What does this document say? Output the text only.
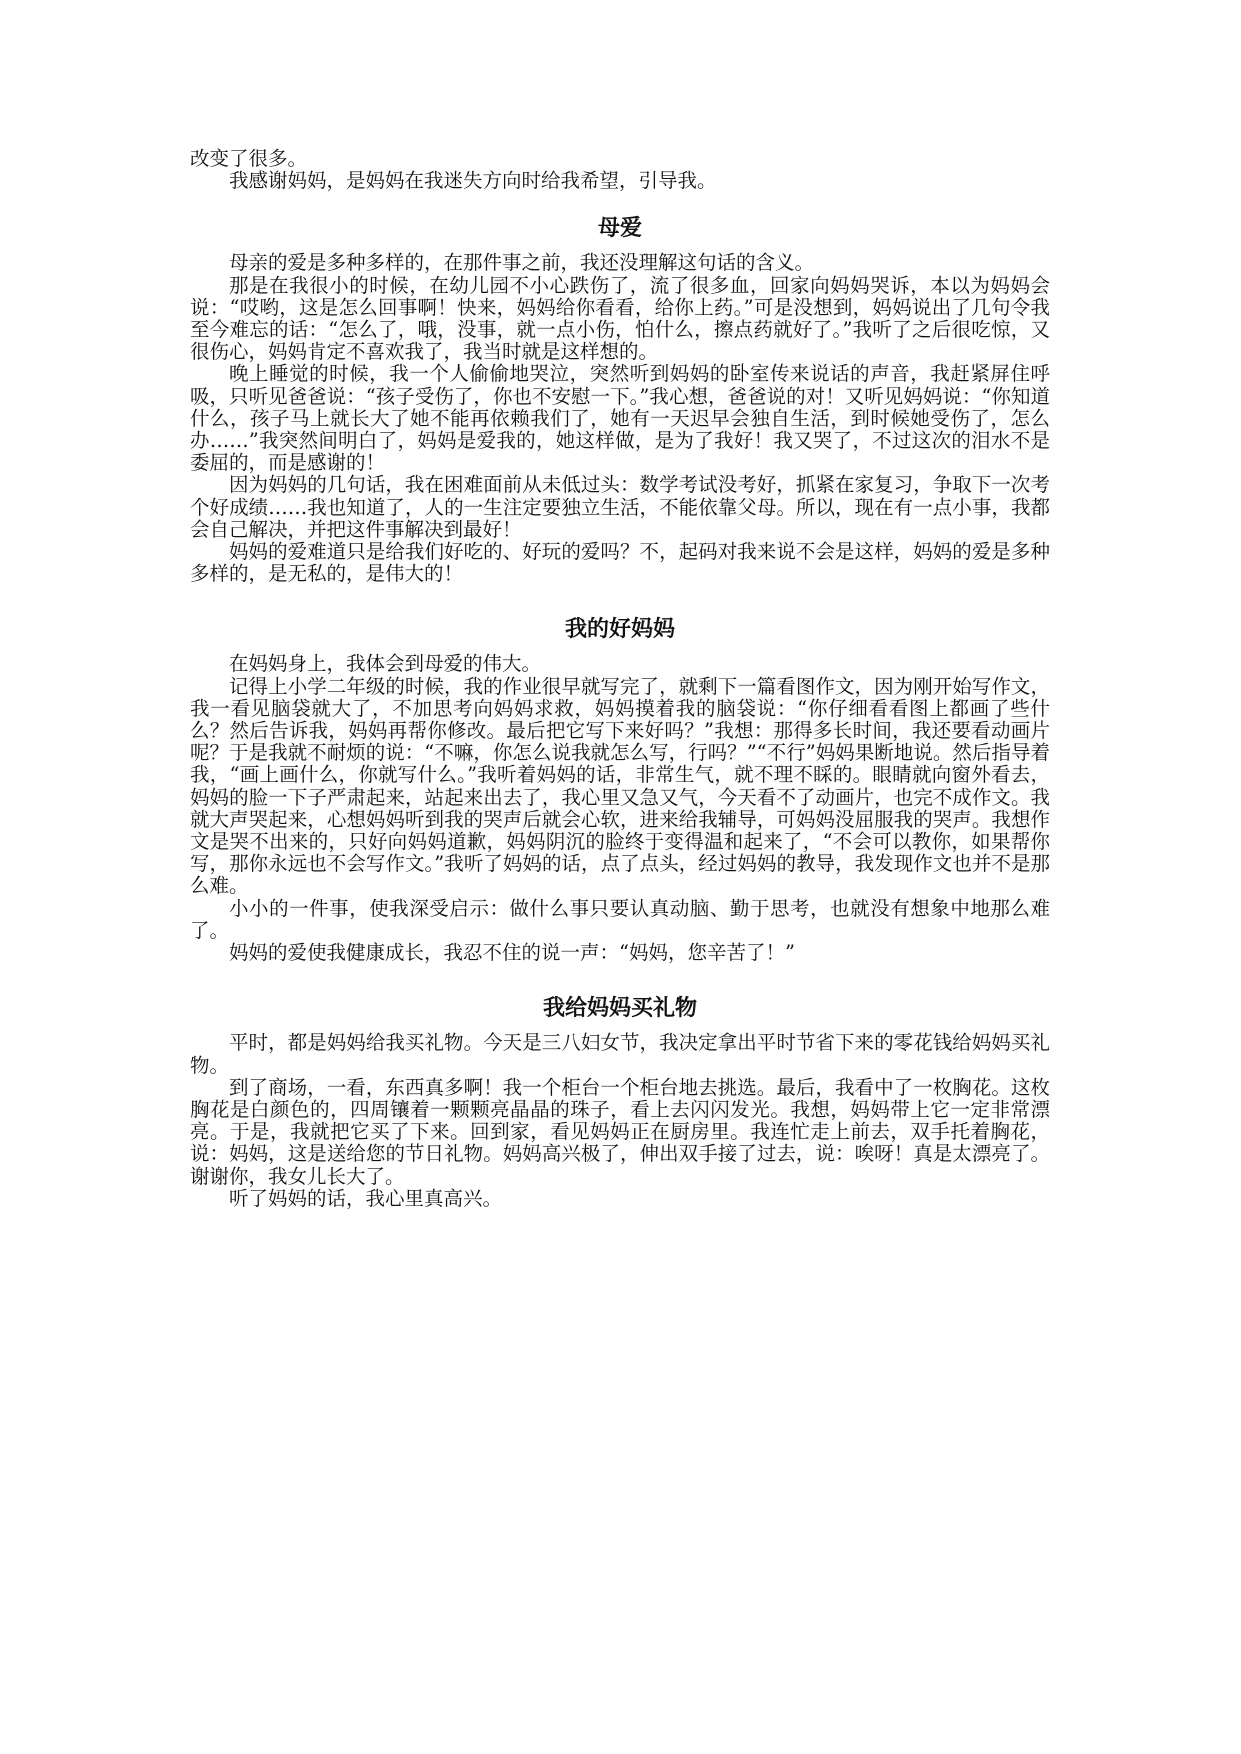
改变了很多。

我感谢妈妈，是妈妈在我迷失方向时给我希望，引导我。

母爱

母亲的爱是多种多样的，在那件事之前，我还没理解这句话的含义。

那是在我很小的时候，在幼儿园不小心跌伤了，流了很多血，回家向妈妈哭诉，本以为妈妈会说：“哎哟，这是怎么回事啊！快来，妈妈给你看看，给你上药。”可是没想到，妈妈说出了几句令我至今难忘的话：“怎么了，哦，没事，就一点小伤，怕什么，擦点药就好了。”我听了之后很吃惊，又很伤心，妈妈肯定不喜欢我了，我当时就是这样想的。

晚上睡觉的时候，我一个人偷偷地哭泣，突然听到妈妈的卧室传来说话的声音，我赶紧屏住呼吸，只听见爸爸说：“孩子受伤了，你也不安慰一下。”我心想，爸爸说的对！又听见妈妈说：“你知道什么，孩子马上就长大了她不能再依赖我们了，她有一天迟早会独自生活，到时候她受伤了，怎么办……”我突然间明白了，妈妈是爱我的，她这样做，是为了我好！我又哭了，不过这次的泪水不是委屈的，而是感谢的！

因为妈妈的几句话，我在困难面前从未低过头：数学考试没考好，抓紧在家复习，争取下一次考个好成绩……我也知道了，人的一生注定要独立生活，不能依靠父母。所以，现在有一点小事，我都会自己解决，并把这件事解决到最好！

妈妈的爱难道只是给我们好吃的、好玩的爱吗？不，起码对我来说不会是这样，妈妈的爱是多种多样的，是无私的，是伟大的！

我的好妈妈

在妈妈身上，我体会到母爱的伟大。

记得上小学二年级的时候，我的作业很早就写完了，就剩下一篇看图作文，因为刚开始写作文，我一看见脑袋就大了，不加思考向妈妈求救，妈妈摸着我的脑袋说：“你仔细看看图上都画了些什么？然后告诉我，妈妈再帮你修改。最后把它写下来好吗？”我想：那得多长时间，我还要看动画片呢？于是我就不耐烦的说：“不嘛，你怎么说我就怎么写，行吗？”“不行”妈妈果断地说。然后指导着我，“画上画什么，你就写什么。”我听着妈妈的话，非常生气，就不理不睬的。眼睛就向窗外看去，妈妈的脸一下子严肃起来，站起来出去了，我心里又急又气，今天看不了动画片，也完不成作文。我就大声哭起来，心想妈妈听到我的哭声后就会心软，进来给我辅导，可妈妈没屈服我的哭声。我想作文是哭不出来的，只好向妈妈道歉，妈妈阴沉的脸终于变得温和起来了，“不会可以教你，如果帮你写，那你永远也不会写作文。”我听了妈妈的话，点了点头，经过妈妈的教导，我发现作文也并不是那么难。

小小的一件事，使我深受启示：做什么事只要认真动脑、勤于思考，也就没有想象中地那么难了。

妈妈的爱使我健康成长，我忍不住的说一声：“妈妈，您辛苦了！”

我给妈妈买礼物

平时，都是妈妈给我买礼物。今天是三八妇女节，我决定拿出平时节省下来的零花钱给妈妈买礼物。

到了商场，一看，东西真多啊！我一个柜台一个柜台地去挑选。最后，我看中了一枚胸花。这枚胸花是白颜色的，四周镶着一颗颗亮晶晶的珠子，看上去闪闪发光。我想，妈妈带上它一定非常漂亮。于是，我就把它买了下来。回到家，看见妈妈正在厨房里。我连忙走上前去，双手托着胸花，说：妈妈，这是送给您的节日礼物。妈妈高兴极了，伸出双手接了过去，说：唉呀！真是太漂亮了。谢谢你，我女儿长大了。

听了妈妈的话，我心里真高兴。
